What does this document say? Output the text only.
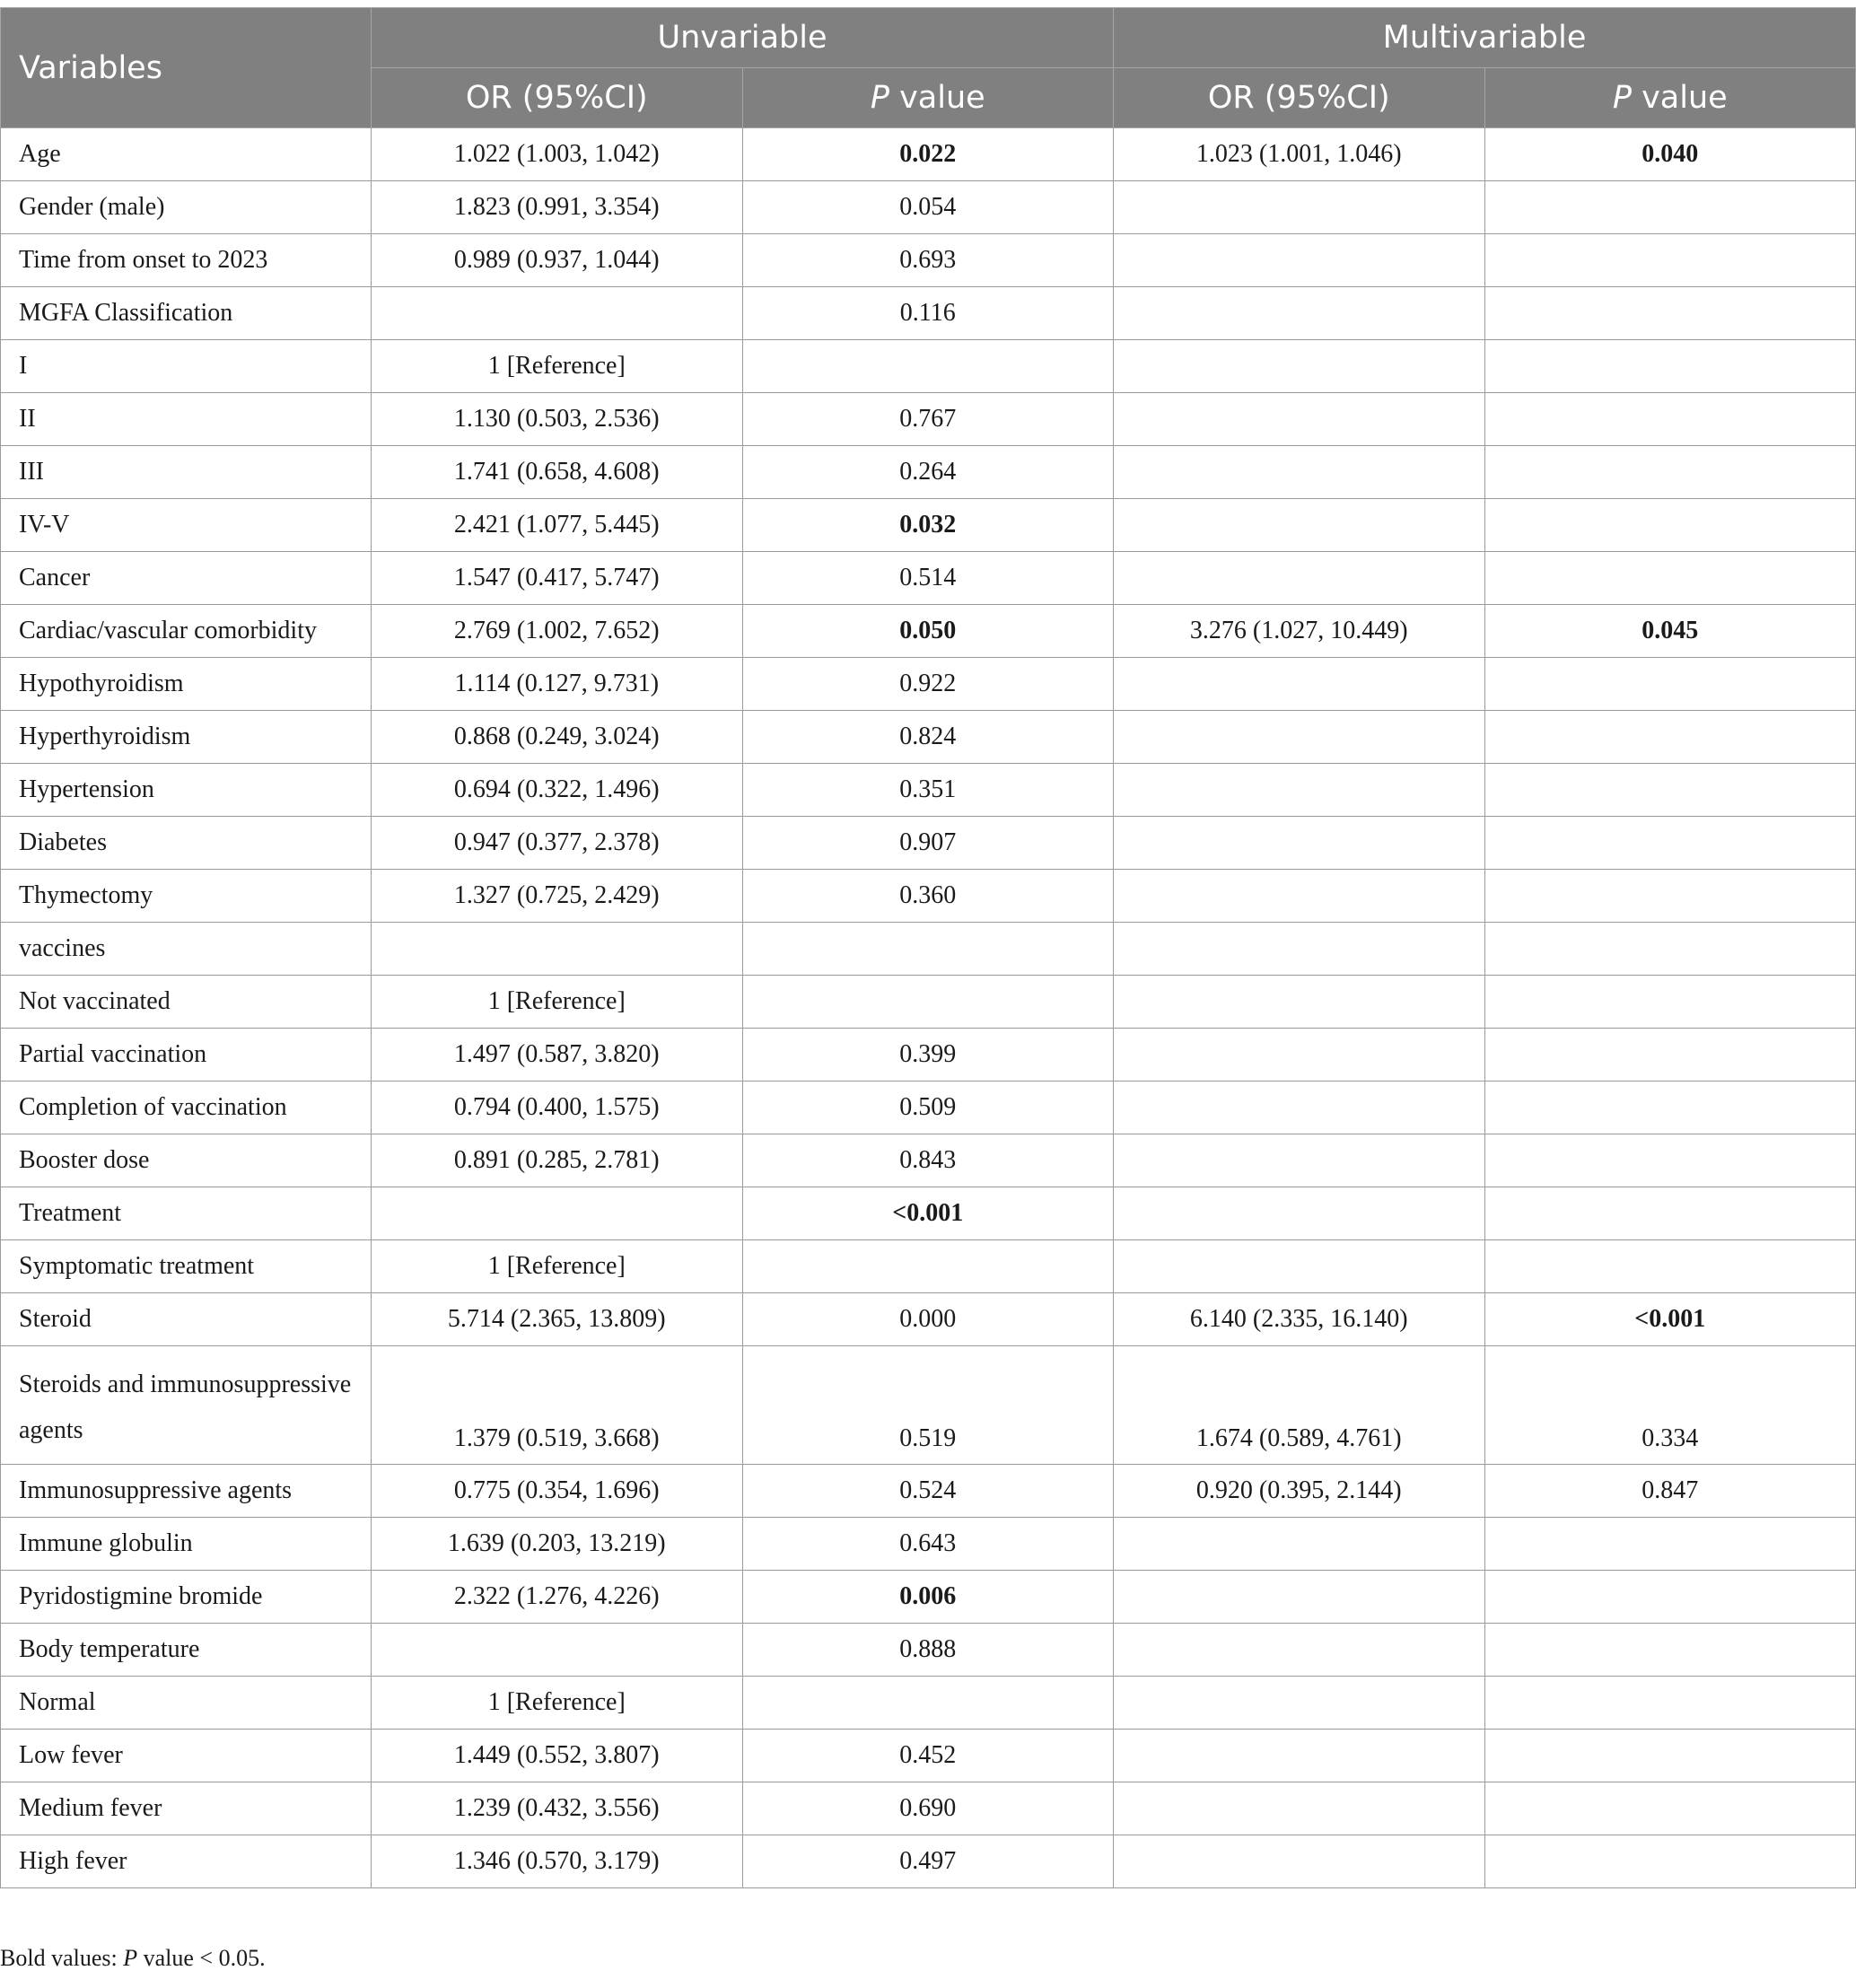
Variables	Unvariable		Multivariable	
	OR (95%CI)	P value	OR (95%CI)	P value
Age	1.022 (1.003, 1.042)	0.022	1.023 (1.001, 1.046)	0.040
Gender (male)	1.823 (0.991, 3.354)	0.054		
Time from onset to 2023	0.989 (0.937, 1.044)	0.693		
MGFA Classification		0.116		
I	1 [Reference]			
II	1.130 (0.503, 2.536)	0.767		
III	1.741 (0.658, 4.608)	0.264		
IV-V	2.421 (1.077, 5.445)	0.032		
Cancer	1.547 (0.417, 5.747)	0.514		
Cardiac/vascular comorbidity	2.769 (1.002, 7.652)	0.050	3.276 (1.027, 10.449)	0.045
Hypothyroidism	1.114 (0.127, 9.731)	0.922		
Hyperthyroidism	0.868 (0.249, 3.024)	0.824		
Hypertension	0.694 (0.322, 1.496)	0.351		
Diabetes	0.947 (0.377, 2.378)	0.907		
Thymectomy	1.327 (0.725, 2.429)	0.360		
vaccines				
Not vaccinated	1 [Reference]			
Partial vaccination	1.497 (0.587, 3.820)	0.399		
Completion of vaccination	0.794 (0.400, 1.575)	0.509		
Booster dose	0.891 (0.285, 2.781)	0.843		
Treatment		<0.001		
Symptomatic treatment	1 [Reference]			
Steroid	5.714 (2.365, 13.809)	0.000	6.140 (2.335, 16.140)	<0.001
Steroids and immunosuppressive agents	1.379 (0.519, 3.668)	0.519	1.674 (0.589, 4.761)	0.334
Immunosuppressive agents	0.775 (0.354, 1.696)	0.524	0.920 (0.395, 2.144)	0.847
Immune globulin	1.639 (0.203, 13.219)	0.643		
Pyridostigmine bromide	2.322 (1.276, 4.226)	0.006		
Body temperature		0.888		
Normal	1 [Reference]			
Low fever	1.449 (0.552, 3.807)	0.452		
Medium fever	1.239 (0.432, 3.556)	0.690		
High fever	1.346 (0.570, 3.179)	0.497		
Bold values: P value < 0.05.
